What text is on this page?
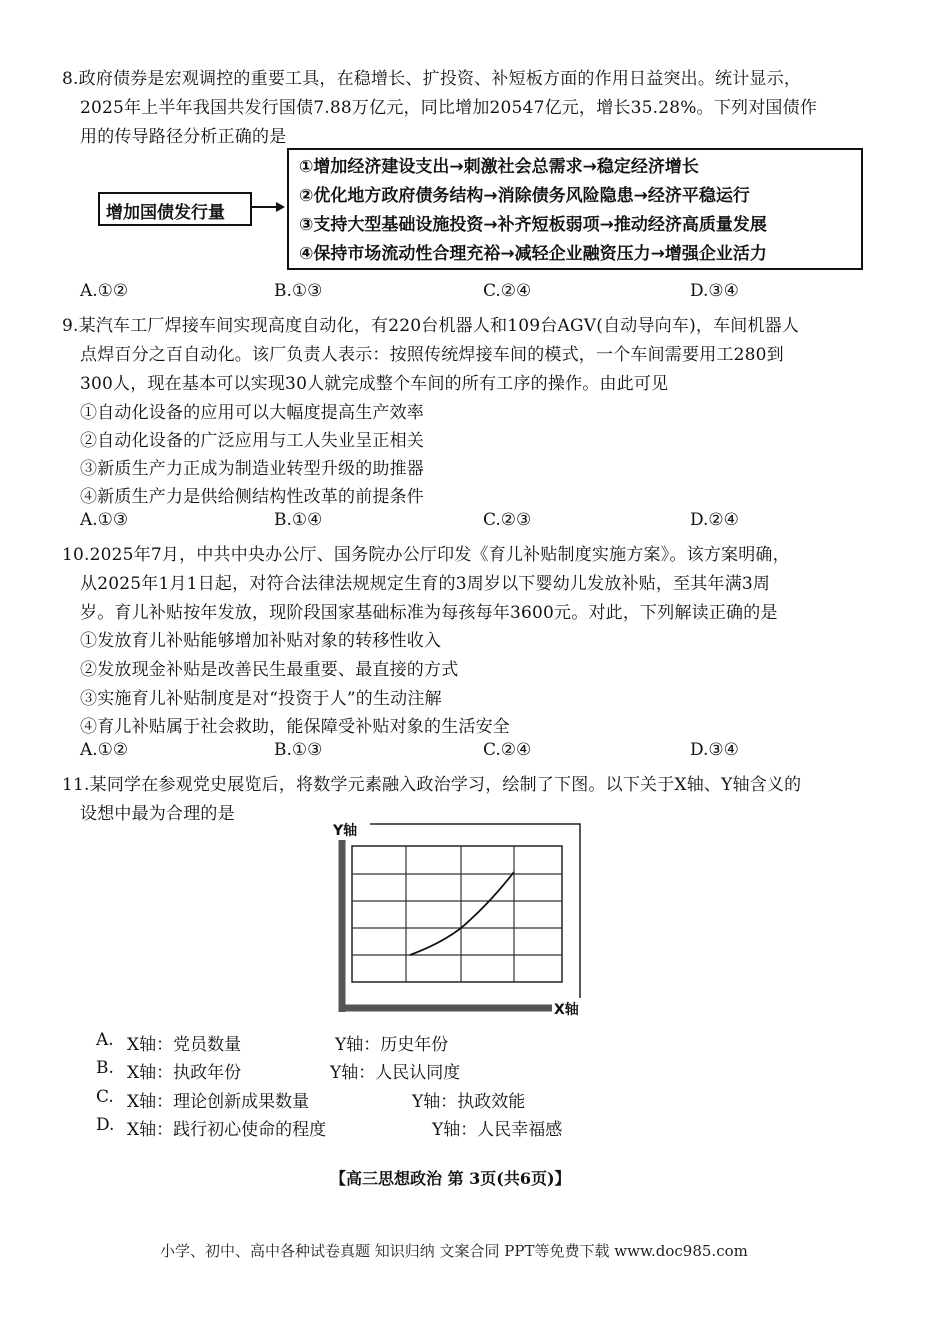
8.政府债券是宏观调控的重要工具，在稳增长、扩投资、补短板方面的作用日益突出。统计显示，
2025年上半年我国共发行国债7.88万亿元，同比增加20547亿元，增长35.28%。下列对国债作
用的传导路径分析正确的是
增加国债发行量
①增加经济建设支出→刺激社会总需求→稳定经济增长
②优化地方政府债务结构→消除债务风险隐患→经济平稳运行
③支持大型基础设施投资→补齐短板弱项→推动经济高质量发展
④保持市场流动性合理充裕→减轻企业融资压力→增强企业活力
A.①②	B.①③	C.②④	D.③④
9.某汽车工厂焊接车间实现高度自动化，有220台机器人和109台AGV(自动导向车)，车间机器人
点焊百分之百自动化。该厂负责人表示：按照传统焊接车间的模式，一个车间需要用工280到
300人，现在基本可以实现30人就完成整个车间的所有工序的操作。由此可见
①自动化设备的应用可以大幅度提高生产效率
②自动化设备的广泛应用与工人失业呈正相关
③新质生产力正成为制造业转型升级的助推器
④新质生产力是供给侧结构性改革的前提条件
A.①③	B.①④	C.②③	D.②④
10.2025年7月，中共中央办公厅、国务院办公厅印发《育儿补贴制度实施方案》。该方案明确，
从2025年1月1日起，对符合法律法规规定生育的3周岁以下婴幼儿发放补贴，至其年满3周
岁。育儿补贴按年发放，现阶段国家基础标准为每孩每年3600元。对此，下列解读正确的是
①发放育儿补贴能够增加补贴对象的转移性收入
②发放现金补贴是改善民生最重要、最直接的方式
③实施育儿补贴制度是对“投资于人”的生动注解
④育儿补贴属于社会救助，能保障受补贴对象的生活安全
A.①②	B.①③	C.②④	D.③④
11.某同学在参观党史展览后，将数学元素融入政治学习，绘制了下图。以下关于X轴、Y轴含义的
设想中最为合理的是
Y轴
X轴
A. X轴：党员数量	Y轴：历史年份
B. X轴：执政年份	Y轴：人民认同度
C. X轴：理论创新成果数量	Y轴：执政效能
D. X轴：践行初心使命的程度	Y轴：人民幸福感
【高三思想政治 第 3页(共6页)】
小学、初中、高中各种试卷真题 知识归纳 文案合同 PPT等免费下载 www.doc985.com
